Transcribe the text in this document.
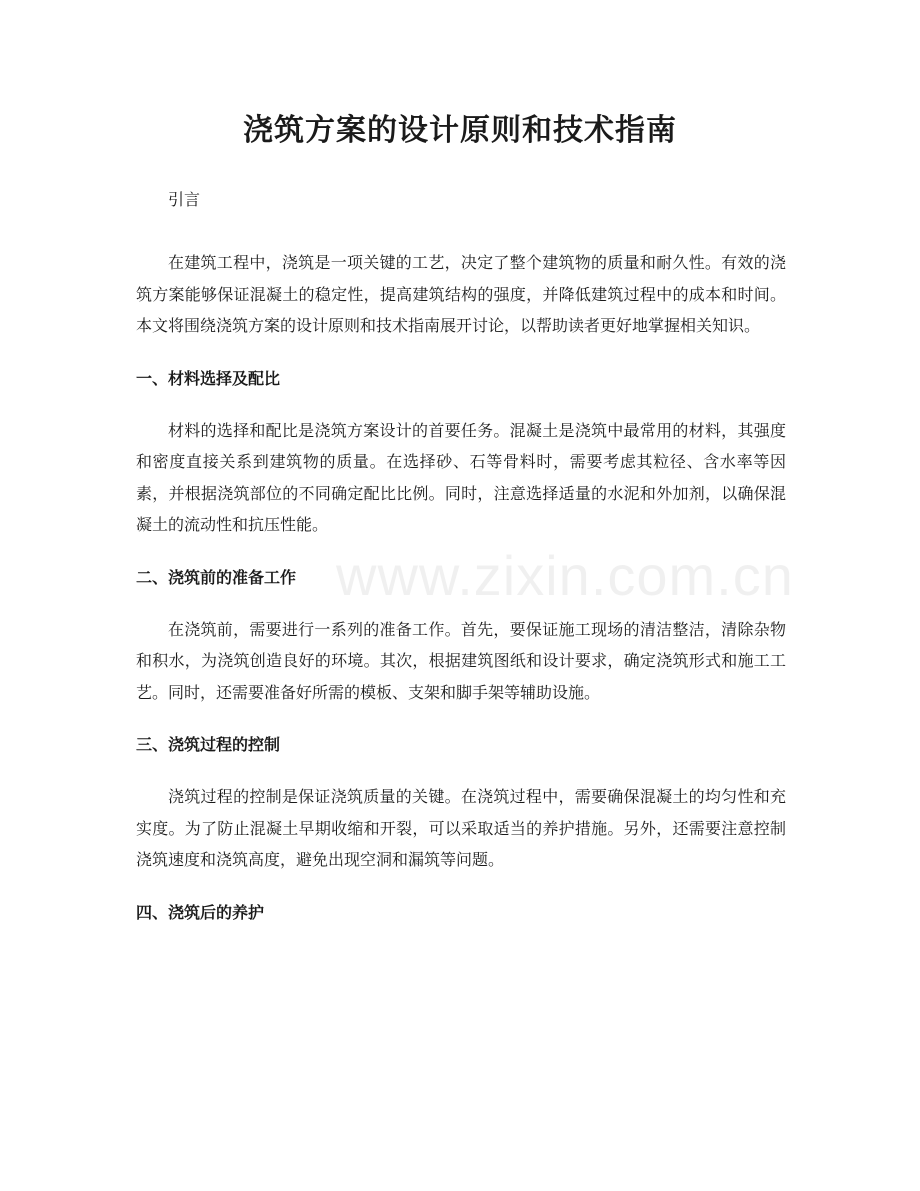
浇筑方案的设计原则和技术指南

引言

在建筑工程中，浇筑是一项关键的工艺，决定了整个建筑物的质量和耐久性。有效的浇筑方案能够保证混凝土的稳定性，提高建筑结构的强度，并降低建筑过程中的成本和时间。本文将围绕浇筑方案的设计原则和技术指南展开讨论，以帮助读者更好地掌握相关知识。

一、材料选择及配比

材料的选择和配比是浇筑方案设计的首要任务。混凝土是浇筑中最常用的材料，其强度和密度直接关系到建筑物的质量。在选择砂、石等骨料时，需要考虑其粒径、含水率等因素，并根据浇筑部位的不同确定配比比例。同时，注意选择适量的水泥和外加剂，以确保混凝土的流动性和抗压性能。

二、浇筑前的准备工作

在浇筑前，需要进行一系列的准备工作。首先，要保证施工现场的清洁整洁，清除杂物和积水，为浇筑创造良好的环境。其次，根据建筑图纸和设计要求，确定浇筑形式和施工工艺。同时，还需要准备好所需的模板、支架和脚手架等辅助设施。

三、浇筑过程的控制

浇筑过程的控制是保证浇筑质量的关键。在浇筑过程中，需要确保混凝土的均匀性和充实度。为了防止混凝土早期收缩和开裂，可以采取适当的养护措施。另外，还需要注意控制浇筑速度和浇筑高度，避免出现空洞和漏筑等问题。

四、浇筑后的养护

www.zixin.com.cn
